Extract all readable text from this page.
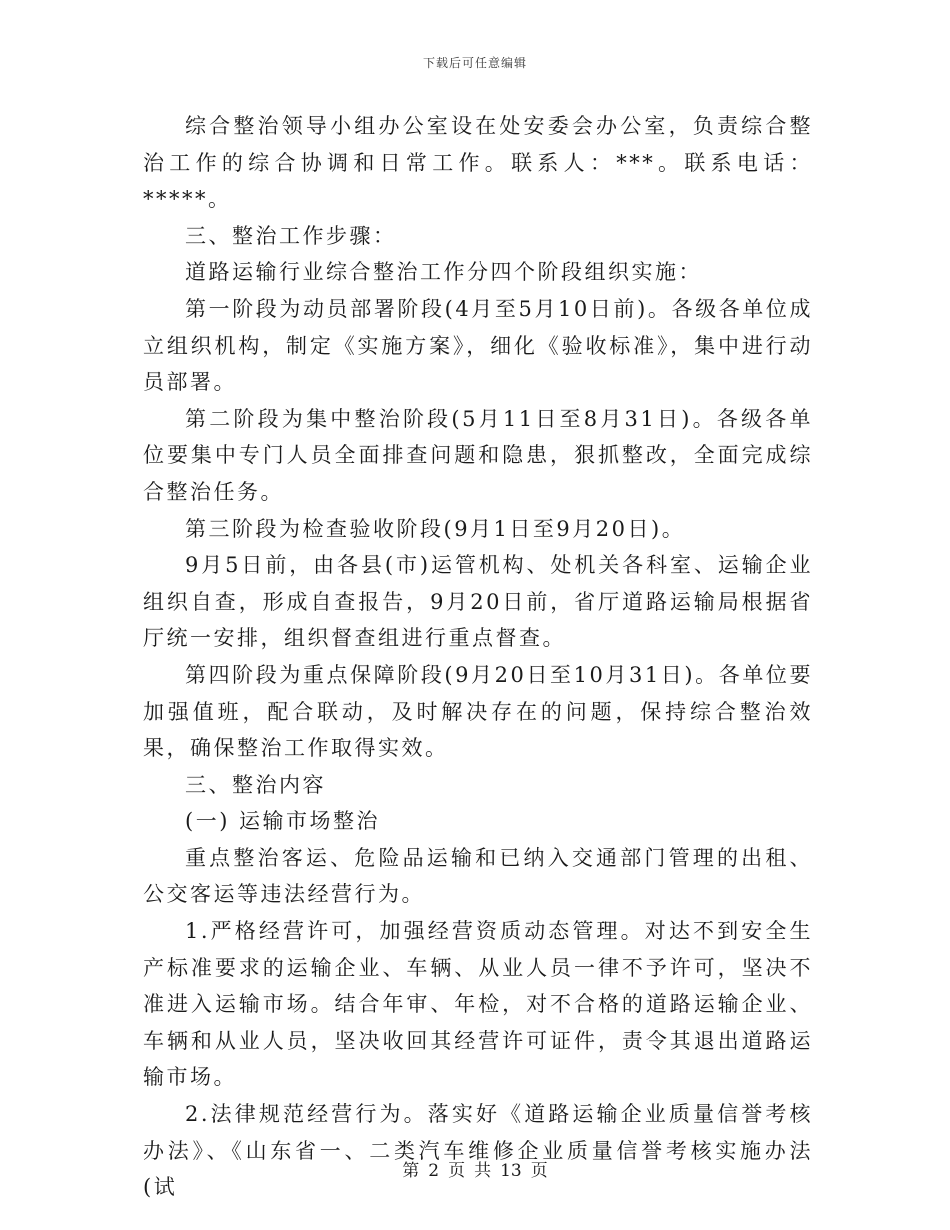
下载后可任意编辑

综合整治领导小组办公室设在处安委会办公室，负责综合整治工作的综合协调和日常工作。联系人：***。联系电话：*****。

三、整治工作步骤：

道路运输行业综合整治工作分四个阶段组织实施：

第一阶段为动员部署阶段(4月至5月10日前)。各级各单位成立组织机构，制定《实施方案》，细化《验收标准》，集中进行动员部署。

第二阶段为集中整治阶段(5月11日至8月31日)。各级各单位要集中专门人员全面排查问题和隐患，狠抓整改，全面完成综合整治任务。

第三阶段为检查验收阶段(9月1日至9月20日)。

9月5日前，由各县(市)运管机构、处机关各科室、运输企业组织自查，形成自查报告，9月20日前，省厅道路运输局根据省厅统一安排，组织督查组进行重点督查。

第四阶段为重点保障阶段(9月20日至10月31日)。各单位要加强值班，配合联动，及时解决存在的问题，保持综合整治效果，确保整治工作取得实效。

三、整治内容

(一) 运输市场整治

重点整治客运、危险品运输和已纳入交通部门管理的出租、公交客运等违法经营行为。

1.严格经营许可，加强经营资质动态管理。对达不到安全生产标准要求的运输企业、车辆、从业人员一律不予许可，坚决不准进入运输市场。结合年审、年检，对不合格的道路运输企业、车辆和从业人员，坚决收回其经营许可证件，责令其退出道路运输市场。

2.法律规范经营行为。落实好《道路运输企业质量信誉考核办法》、《山东省一、二类汽车维修企业质量信誉考核实施办法(试

第 2 页 共 13 页
